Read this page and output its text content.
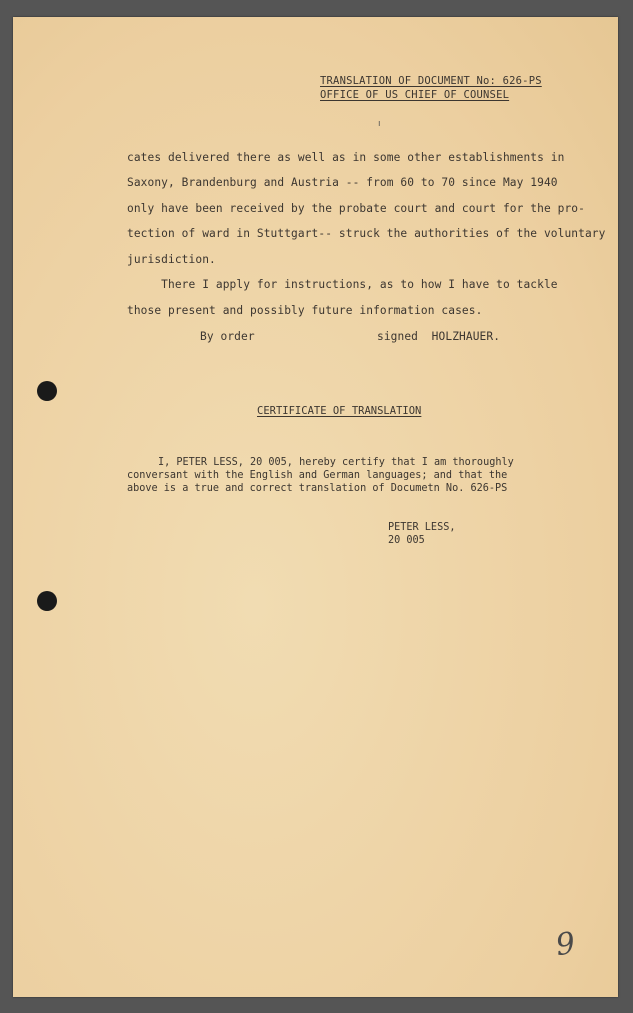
TRANSLATION OF DOCUMENT No: 626-PS
OFFICE OF US CHIEF OF COUNSEL
ı
cates delivered there as well as in some other establishments in
Saxony, Brandenburg and Austria -- from 60 to 70 since May 1940
only have been received by the probate court and court for the pro-
tection of ward in Stuttgart-- struck the authorities of the voluntary
jurisdiction.
There I apply for instructions, as to how I have to tackle
those present and possibly future information cases.
By order	signed  HOLZHAUER.
CERTIFICATE OF TRANSLATION
I, PETER LESS, 20 005, hereby certify that I am thoroughly
conversant with the English and German languages; and that the
above is a true and correct translation of Documetn No. 626-PS
PETER LESS,
20 005
9
